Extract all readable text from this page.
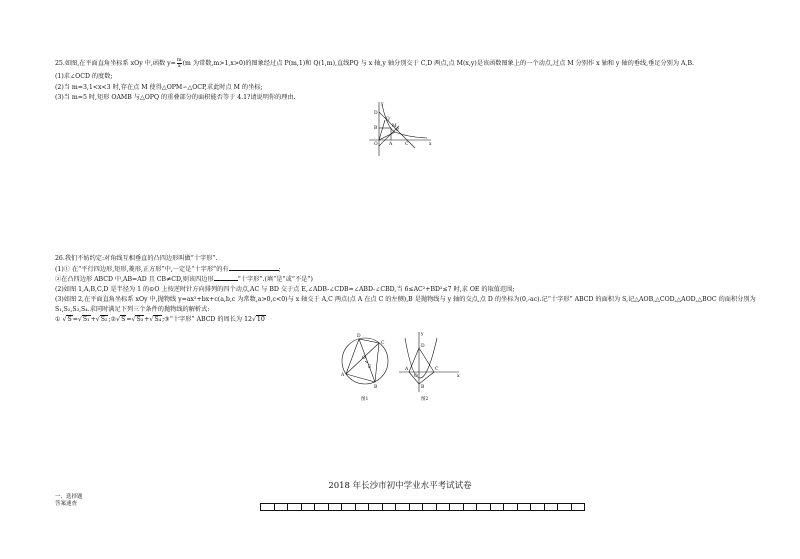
25.如图,在平面直角坐标系 xOy 中,函数 $y= \frac{m}{x} (m$ 为常数,m>1,x>0)的图象经过点 P(m,1)和 Q(1,m),直线PQ 与 x 轴,y 轴分别交于 C,D 两点,点 M(x,y)是该函数图象上的一个动点,过点 M 分别作 x 轴和 y 轴的垂线,垂足分别为 A,B.
(1)求∠OCD 的度数;
(2)当 m=3,1<x<3 时,存在点 M 使得△OPM∽△OCP,求此时点 M 的坐标;
(3)当 m=5 时,矩形 OAMB 与△OPQ 的重叠部分的面积能否等于 4.1?请说明你的理由.
y
x
O
D
B	M
Q
P
A	C
26.我们不妨约定:对角线互相垂直的凸四边形叫做“十字形”.
(1)① 在“平行四边形,矩形,菱形,正方形”中,一定是“十字形”的有	;
②在凸四边形 ABCD 中,AB=AD 且 CB≠CD,则该四边形	“十字形”.(填“是”或“不是”)
(2)如图 1,A,B,C,D 是半径为 1 的⊙O 上按逆时针方向排列的四个动点,AC 与 BD 交于点 E,∠ADB-∠CDB=∠ABD-∠CBD,当 6≤AC²+BD²≤7 时,求 OE 的取值范围;
(3)如图 2,在平面直角坐标系 xOy 中,抛物线 y=ax²+bx+c(a,b,c 为常数,a>0,c<0)与 x 轴交于 A,C 两点(点 A 在点 C 的左侧),B 是抛物线与 y 轴的交点,点 D 的坐标为(0,-ac).记“十字形” ABCD 的面积为 S,记△AOB,△COD,△AOD,△BOC 的面积分别为
S₁,S₂,S₃,S₄.求同时满足下列三个条件的抛物线的解析式:
① √S=√S₁+√S₂;②√S=√S₃+√S₄;③“十字形” ABCD 的周长为 12√10
A
B
C
D
E
O
图1
y
x
O
A
B
C
D
图2
2018 年长沙市初中学业水平考试试卷
一、选择题
答案速查
